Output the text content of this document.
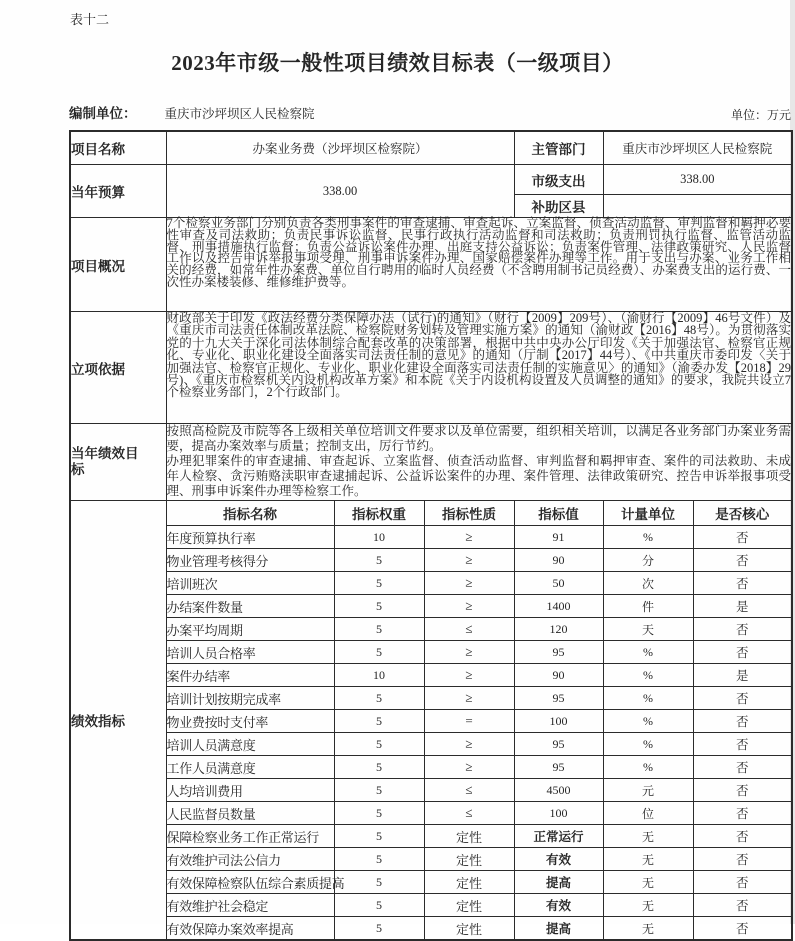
表十二
2023年市级一般性项目绩效目标表（一级项目）
编制单位： 重庆市沙坪坝区人民检察院	单位：万元
项目名称	办案业务费（沙坪坝区检察院）			主管部门	重庆市沙坪坝区人民检察院	
当年预算	338.00			市级支出	338.00	
				补助区县		
项目概况	7个检察业务部门分别负责各类刑事案件的审查逮捕、审查起诉、立案监督、侦查活动监督、审判监督和羁押必要性审查及司法救助；负责民事诉讼监督、民事行政执行活动监督和司法救助；负责刑罚执行监督、监管活动监督、刑事措施执行监督；负责公益诉讼案件办理、出庭支持公益诉讼；负责案件管理、法律政策研究、人民监督工作以及控告申诉举报事项受理、刑事申诉案件办理、国家赔偿案件办理等工作。用于支出与办案、业务工作相关的经费，如常年性办案费、单位自行聘用的临时人员经费（不含聘用制书记员经费）、办案费支出的运行费、一次性办案楼装修、维修维护费等。					

立项依据	财政部关于印发《政法经费分类保障办法（试行)的通知》（财行【2009】209号）、（渝财行【2009】46号文件）及《重庆市司法责任体制改革法院、检察院财务划转及管理实施方案》的通知（渝财政【2016】48号）。为贯彻落实党的十九大关于深化司法体制综合配套改革的决策部署，根据中共中央办公厅印发《关于加强法官、检察官正规化、专业化、职业化建设全面落实司法责任制的意见》的通知（厅制【2017】44号）、《中共重庆市委印发〈关于加强法官、检察官正规化、专业化、职业化建设全面落实司法责任制的实施意见〉的通知》（渝委办发【2018】29号)、《重庆市检察机关内设机构改革方案》和本院《关于内设机构设置及人员调整的通知》的要求，我院共设立7个检察业务部门，2个行政部门。					

当年绩效目标	按照高检院及市院等各上级相关单位培训文件要求以及单位需要，组织相关培训，以满足各业务部门办案业务需要，提高办案效率与质量；控制支出，厉行节约。
办理犯罪案件的审查逮捕、审查起诉、立案监督、侦查活动监督、审判监督和羁押审查、案件的司法救助、未成年人检察、贪污贿赂渎职审查逮捕起诉、公益诉讼案件的办理、案件管理、法律政策研究、控告申诉举报事项受理、刑事申诉案件办理等检察工作。					

绩效指标	指标名称	指标权重	指标性质	指标值	计量单位	是否核心
	年度预算执行率	10	≥	91	%	否
	物业管理考核得分	5	≥	90	分	否
	培训班次	5	≥	50	次	否
	办结案件数量	5	≥	1400	件	是
	办案平均周期	5	≤	120	天	否
	培训人员合格率	5	≥	95	%	否
	案件办结率	10	≥	90	%	是
	培训计划按期完成率	5	≥	95	%	否
	物业费按时支付率	5	=	100	%	否
	培训人员满意度	5	≥	95	%	否
	工作人员满意度	5	≥	95	%	否
	人均培训费用	5	≤	4500	元	否
	人民监督员数量	5	≤	100	位	否
	保障检察业务工作正常运行	5	定性	正常运行	无	否
	有效维护司法公信力	5	定性	有效	无	否
	有效保障检察队伍综合素质提高	5	定性	提高	无	否
	有效维护社会稳定	5	定性	有效	无	否
	有效保障办案效率提高	5	定性	提高	无	否
